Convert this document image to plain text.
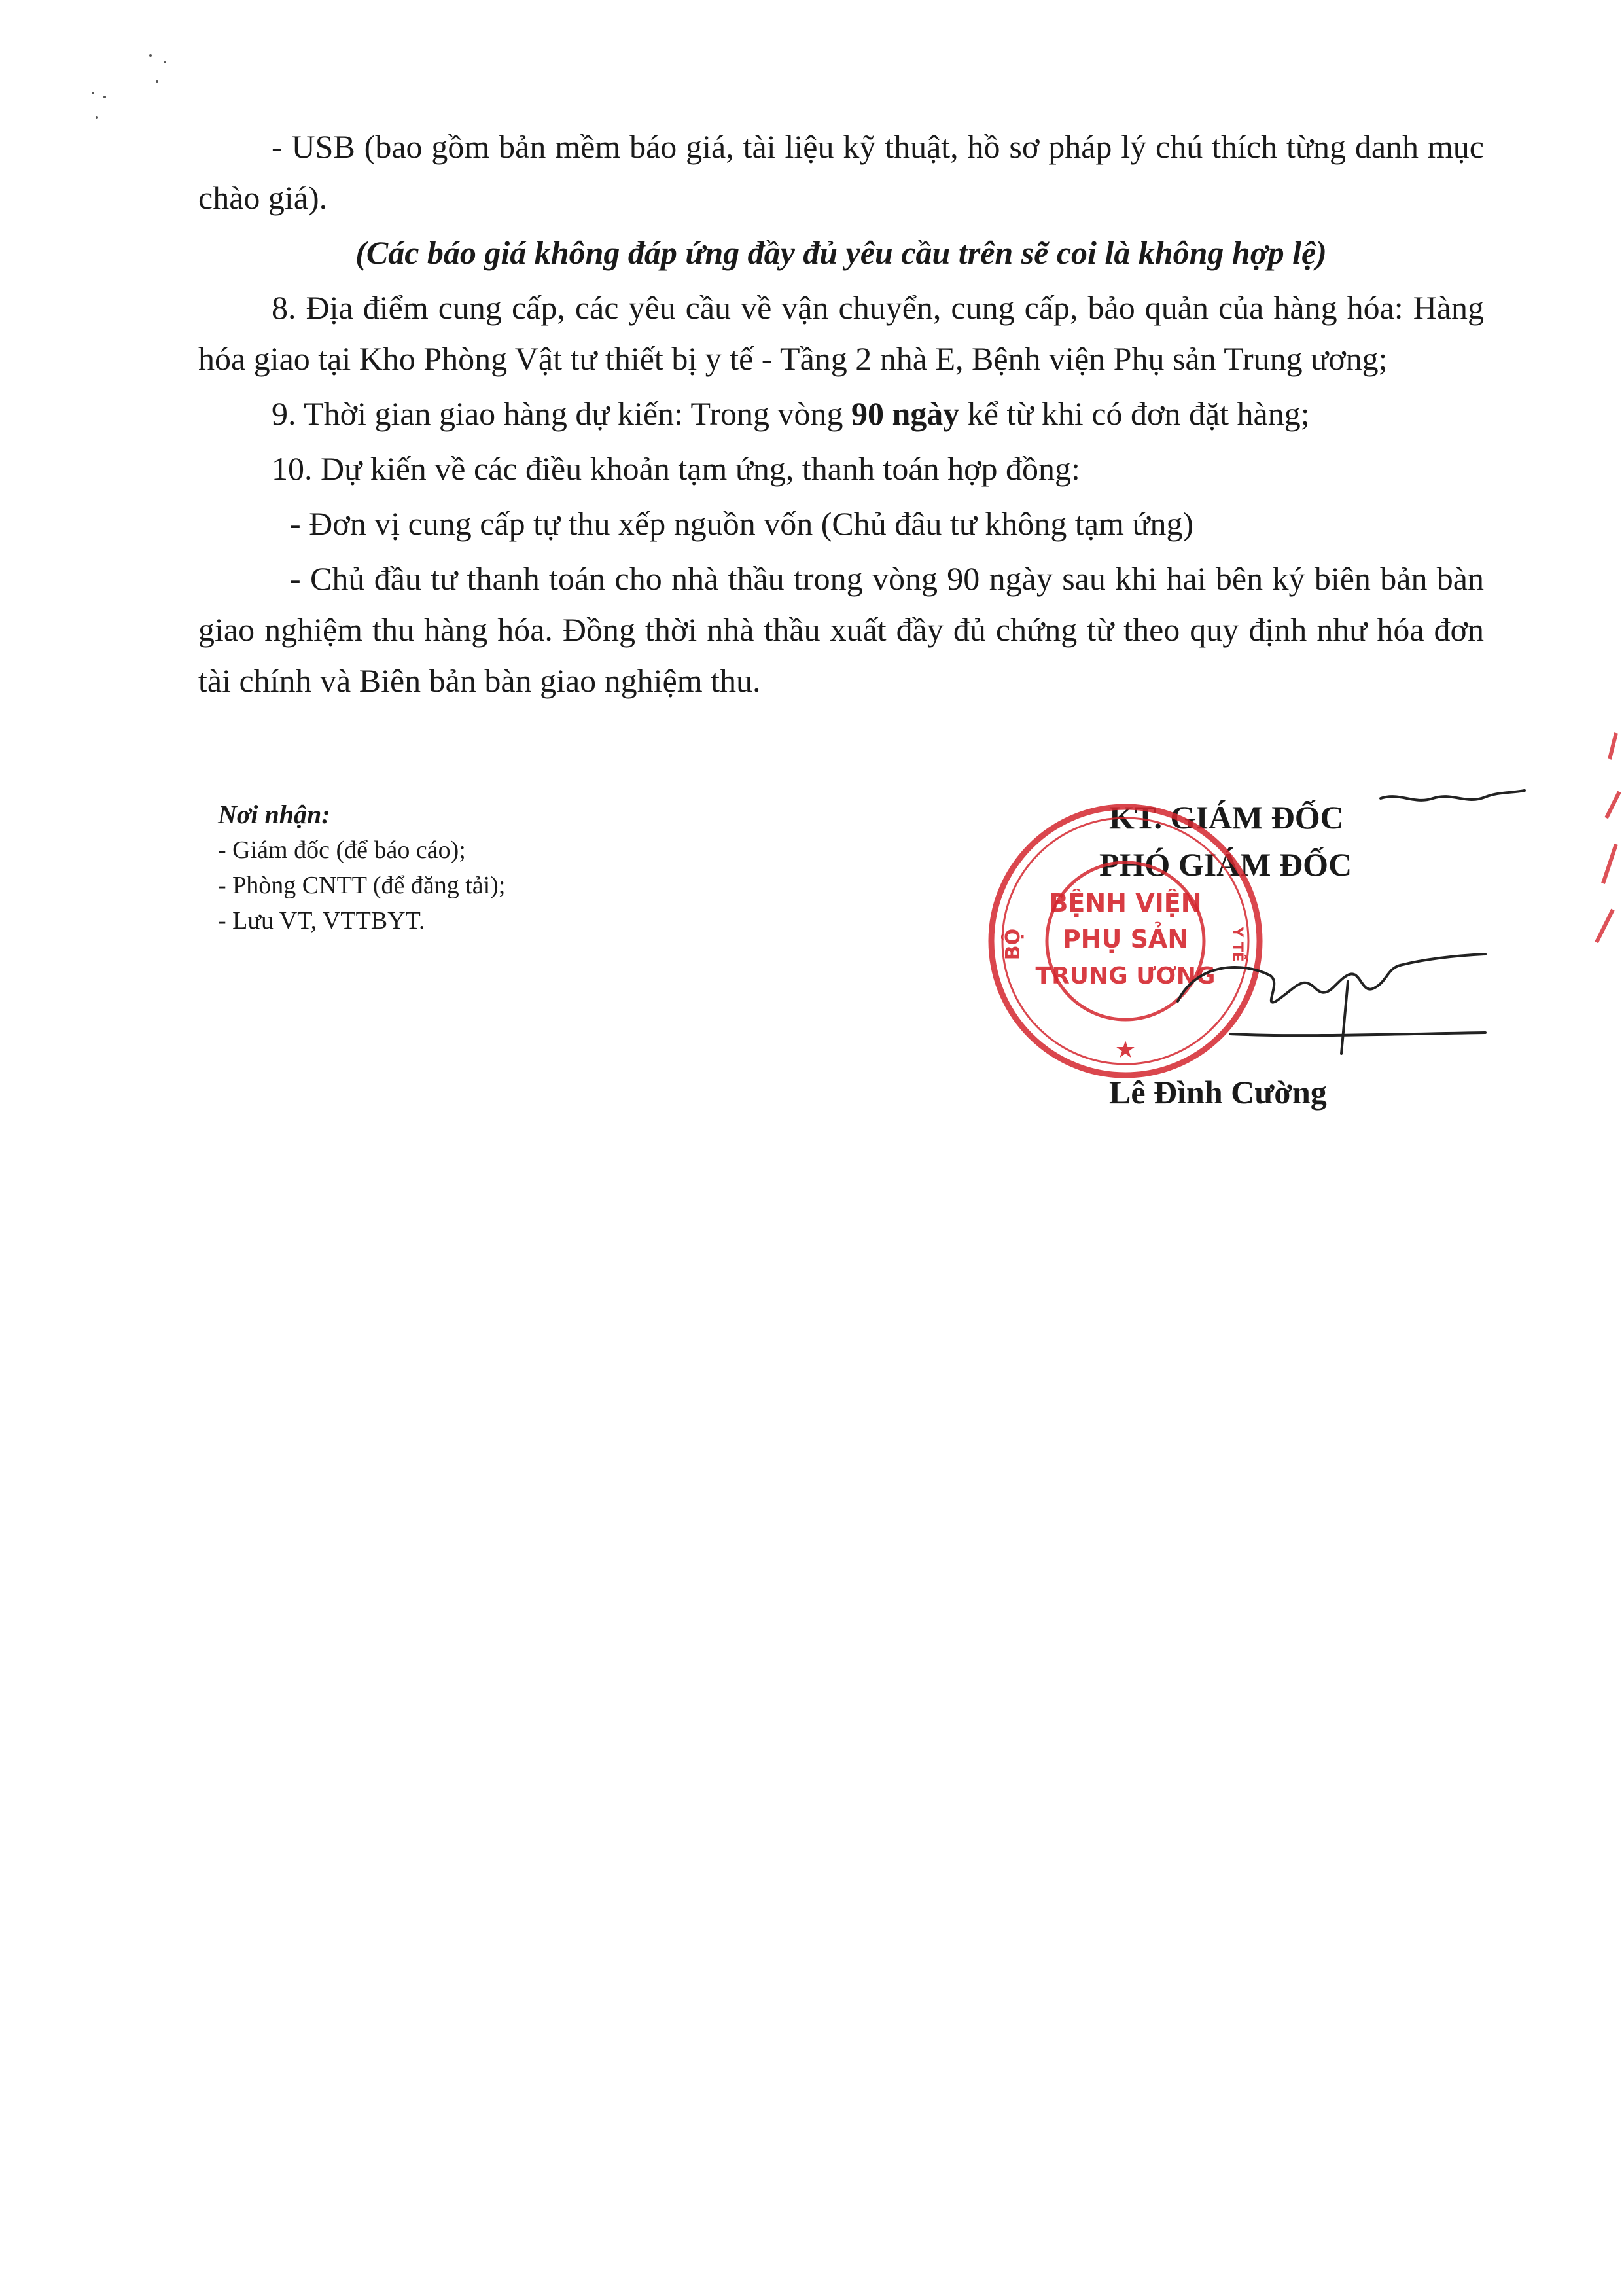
- USB (bao gồm bản mềm báo giá, tài liệu kỹ thuật, hồ sơ pháp lý chú thích từng danh mục chào giá).

(Các báo giá không đáp ứng đầy đủ yêu cầu trên sẽ coi là không hợp lệ)

8. Địa điểm cung cấp, các yêu cầu về vận chuyển, cung cấp, bảo quản của hàng hóa: Hàng hóa giao tại Kho Phòng Vật tư thiết bị y tế - Tầng 2 nhà E, Bệnh viện Phụ sản Trung ương;

9. Thời gian giao hàng dự kiến: Trong vòng 90 ngày kể từ khi có đơn đặt hàng;

10. Dự kiến về các điều khoản tạm ứng, thanh toán hợp đồng:

- Đơn vị cung cấp tự thu xếp nguồn vốn (Chủ đâu tư không tạm ứng)

- Chủ đầu tư thanh toán cho nhà thầu trong vòng 90 ngày sau khi hai bên ký biên bản bàn giao nghiệm thu hàng hóa. Đồng thời nhà thầu xuất đầy đủ chứng từ theo quy định như hóa đơn tài chính và Biên bản bàn giao nghiệm thu.

Nơi nhận:
- Giám đốc (để báo cáo);
- Phòng CNTT (để đăng tải);
- Lưu VT, VTTBYT.
KT. GIÁM ĐỐC
PHÓ GIÁM ĐỐC
Lê Đình Cường
BỆNH VIỆN
PHỤ SẢN
TRUNG ƯƠNG
BỘ	Y TẾ
★
